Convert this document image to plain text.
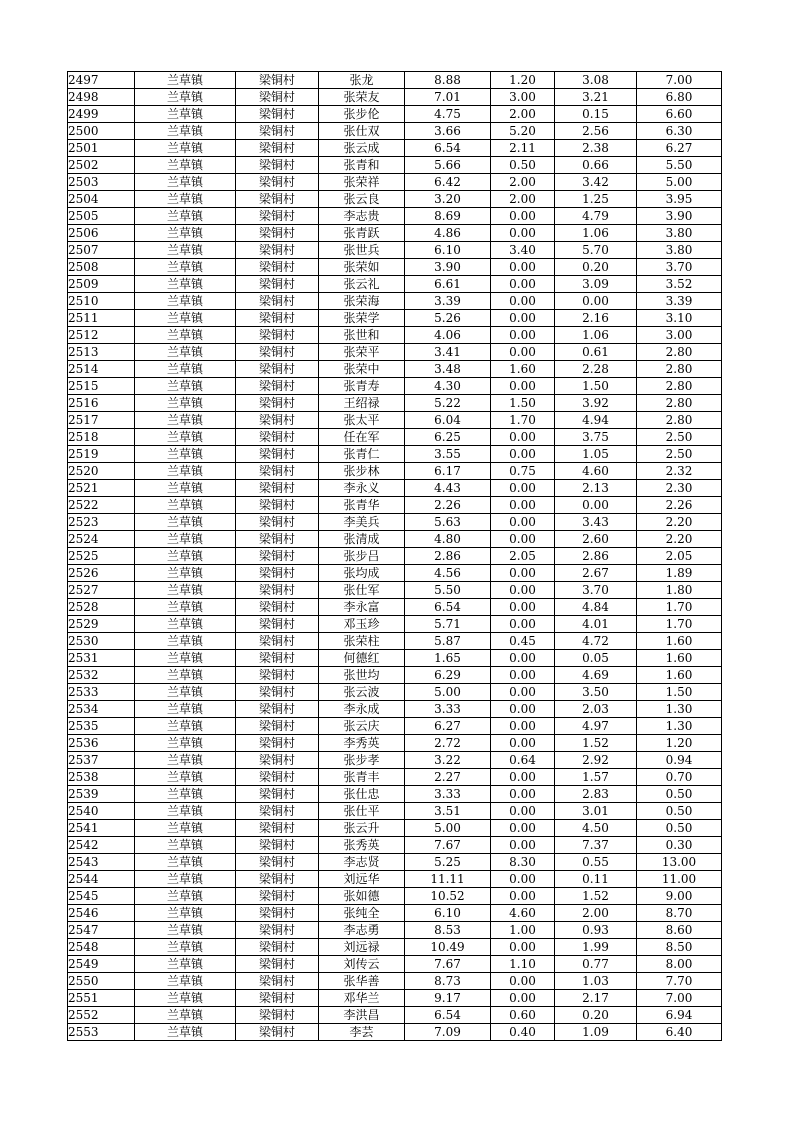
2497	兰草镇	梁铜村	张龙	8.88	1.20	3.08	7.00
2498	兰草镇	梁铜村	张荣友	7.01	3.00	3.21	6.80
2499	兰草镇	梁铜村	张步伦	4.75	2.00	0.15	6.60
2500	兰草镇	梁铜村	张仕双	3.66	5.20	2.56	6.30
2501	兰草镇	梁铜村	张云成	6.54	2.11	2.38	6.27
2502	兰草镇	梁铜村	张青和	5.66	0.50	0.66	5.50
2503	兰草镇	梁铜村	张荣祥	6.42	2.00	3.42	5.00
2504	兰草镇	梁铜村	张云良	3.20	2.00	1.25	3.95
2505	兰草镇	梁铜村	李志贵	8.69	0.00	4.79	3.90
2506	兰草镇	梁铜村	张青跃	4.86	0.00	1.06	3.80
2507	兰草镇	梁铜村	张世兵	6.10	3.40	5.70	3.80
2508	兰草镇	梁铜村	张荣如	3.90	0.00	0.20	3.70
2509	兰草镇	梁铜村	张云礼	6.61	0.00	3.09	3.52
2510	兰草镇	梁铜村	张荣海	3.39	0.00	0.00	3.39
2511	兰草镇	梁铜村	张荣学	5.26	0.00	2.16	3.10
2512	兰草镇	梁铜村	张世和	4.06	0.00	1.06	3.00
2513	兰草镇	梁铜村	张荣平	3.41	0.00	0.61	2.80
2514	兰草镇	梁铜村	张荣中	3.48	1.60	2.28	2.80
2515	兰草镇	梁铜村	张青寿	4.30	0.00	1.50	2.80
2516	兰草镇	梁铜村	王绍禄	5.22	1.50	3.92	2.80
2517	兰草镇	梁铜村	张太平	6.04	1.70	4.94	2.80
2518	兰草镇	梁铜村	任在军	6.25	0.00	3.75	2.50
2519	兰草镇	梁铜村	张青仁	3.55	0.00	1.05	2.50
2520	兰草镇	梁铜村	张步林	6.17	0.75	4.60	2.32
2521	兰草镇	梁铜村	李永义	4.43	0.00	2.13	2.30
2522	兰草镇	梁铜村	张青华	2.26	0.00	0.00	2.26
2523	兰草镇	梁铜村	李美兵	5.63	0.00	3.43	2.20
2524	兰草镇	梁铜村	张清成	4.80	0.00	2.60	2.20
2525	兰草镇	梁铜村	张步吕	2.86	2.05	2.86	2.05
2526	兰草镇	梁铜村	张均成	4.56	0.00	2.67	1.89
2527	兰草镇	梁铜村	张仕军	5.50	0.00	3.70	1.80
2528	兰草镇	梁铜村	李永富	6.54	0.00	4.84	1.70
2529	兰草镇	梁铜村	邓玉珍	5.71	0.00	4.01	1.70
2530	兰草镇	梁铜村	张荣柱	5.87	0.45	4.72	1.60
2531	兰草镇	梁铜村	何德红	1.65	0.00	0.05	1.60
2532	兰草镇	梁铜村	张世均	6.29	0.00	4.69	1.60
2533	兰草镇	梁铜村	张云波	5.00	0.00	3.50	1.50
2534	兰草镇	梁铜村	李永成	3.33	0.00	2.03	1.30
2535	兰草镇	梁铜村	张云庆	6.27	0.00	4.97	1.30
2536	兰草镇	梁铜村	李秀英	2.72	0.00	1.52	1.20
2537	兰草镇	梁铜村	张步孝	3.22	0.64	2.92	0.94
2538	兰草镇	梁铜村	张青丰	2.27	0.00	1.57	0.70
2539	兰草镇	梁铜村	张仕忠	3.33	0.00	2.83	0.50
2540	兰草镇	梁铜村	张仕平	3.51	0.00	3.01	0.50
2541	兰草镇	梁铜村	张云升	5.00	0.00	4.50	0.50
2542	兰草镇	梁铜村	张秀英	7.67	0.00	7.37	0.30
2543	兰草镇	梁铜村	李志贤	5.25	8.30	0.55	13.00
2544	兰草镇	梁铜村	刘远华	11.11	0.00	0.11	11.00
2545	兰草镇	梁铜村	张如德	10.52	0.00	1.52	9.00
2546	兰草镇	梁铜村	张纯全	6.10	4.60	2.00	8.70
2547	兰草镇	梁铜村	李志勇	8.53	1.00	0.93	8.60
2548	兰草镇	梁铜村	刘远禄	10.49	0.00	1.99	8.50
2549	兰草镇	梁铜村	刘传云	7.67	1.10	0.77	8.00
2550	兰草镇	梁铜村	张华善	8.73	0.00	1.03	7.70
2551	兰草镇	梁铜村	邓华兰	9.17	0.00	2.17	7.00
2552	兰草镇	梁铜村	李洪昌	6.54	0.60	0.20	6.94
2553	兰草镇	梁铜村	李芸	7.09	0.40	1.09	6.40
